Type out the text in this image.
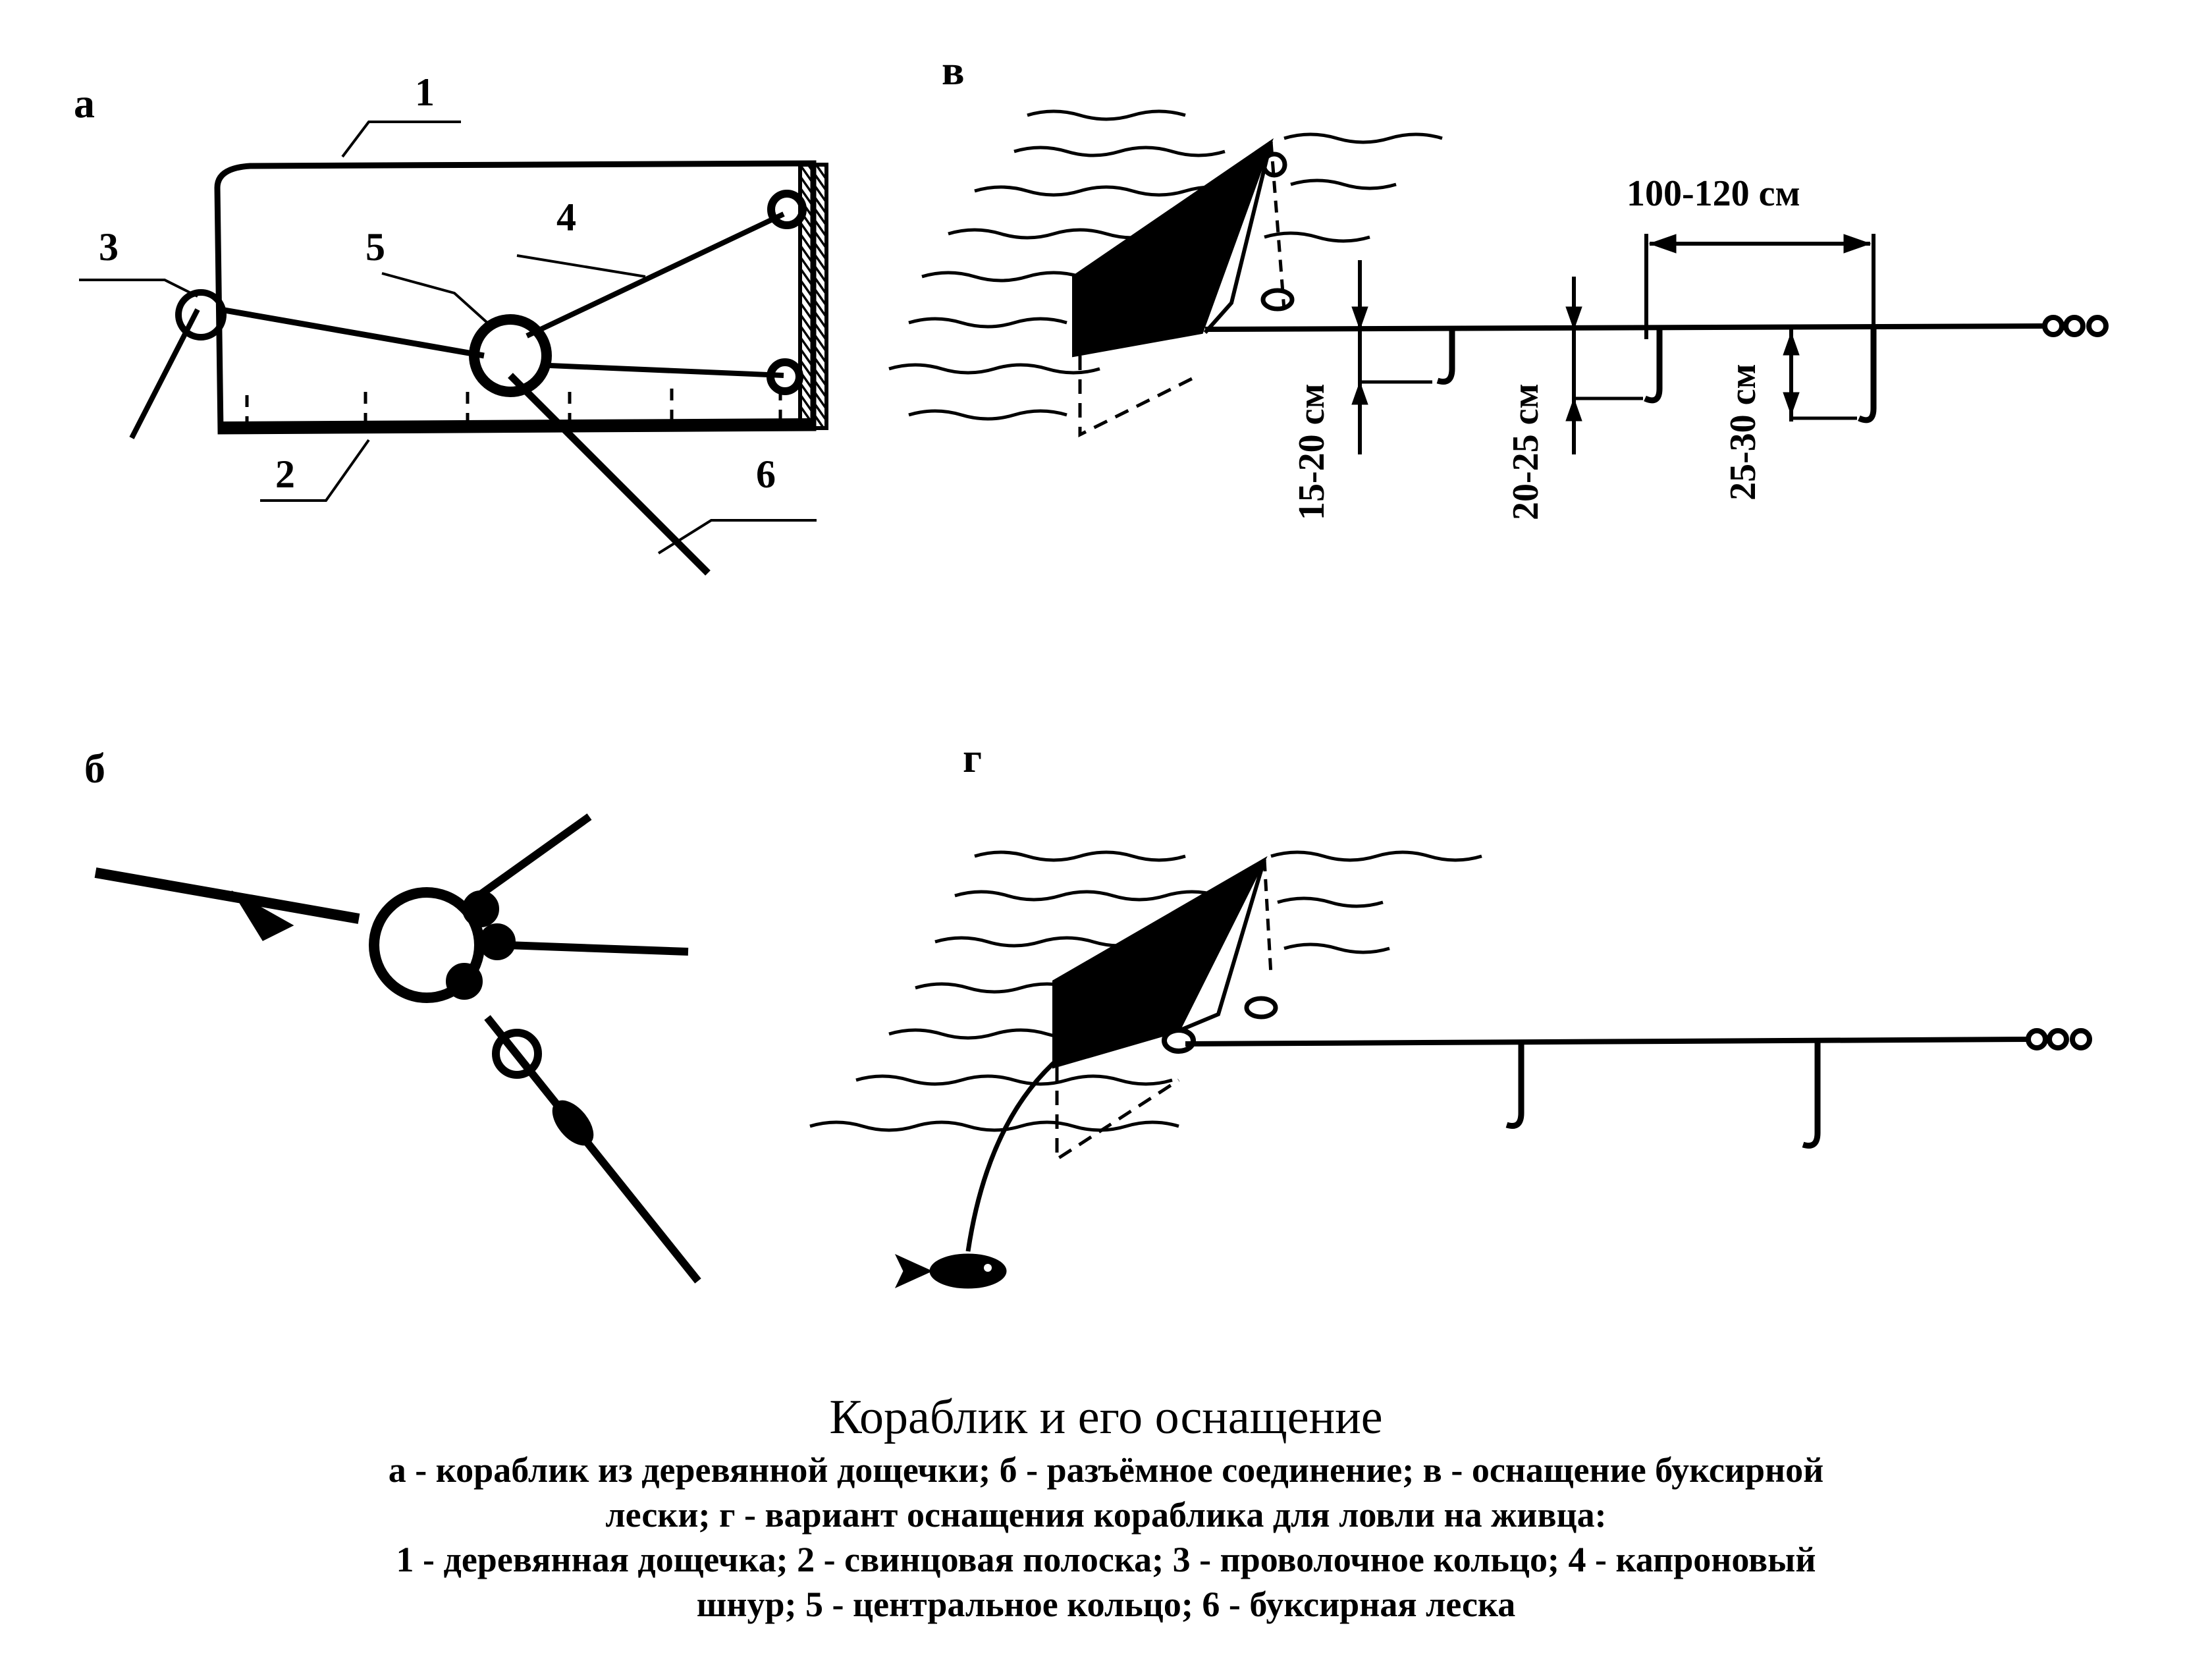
а	1
2
3
4
5
6
б
в
100-120 см
15-20 см	20-25 см	25-30 см
г
Кораблик и его оснащение
а - кораблик из деревянной дощечки; б - разъёмное соединение; в - оснащение буксирной
лески; г - вариант оснащения кораблика для ловли на живца:
1 - деревянная дощечка; 2 - свинцовая полоска; 3 - проволочное кольцо; 4 - капроновый
шнур; 5 - центральное кольцо; 6 - буксирная леска
